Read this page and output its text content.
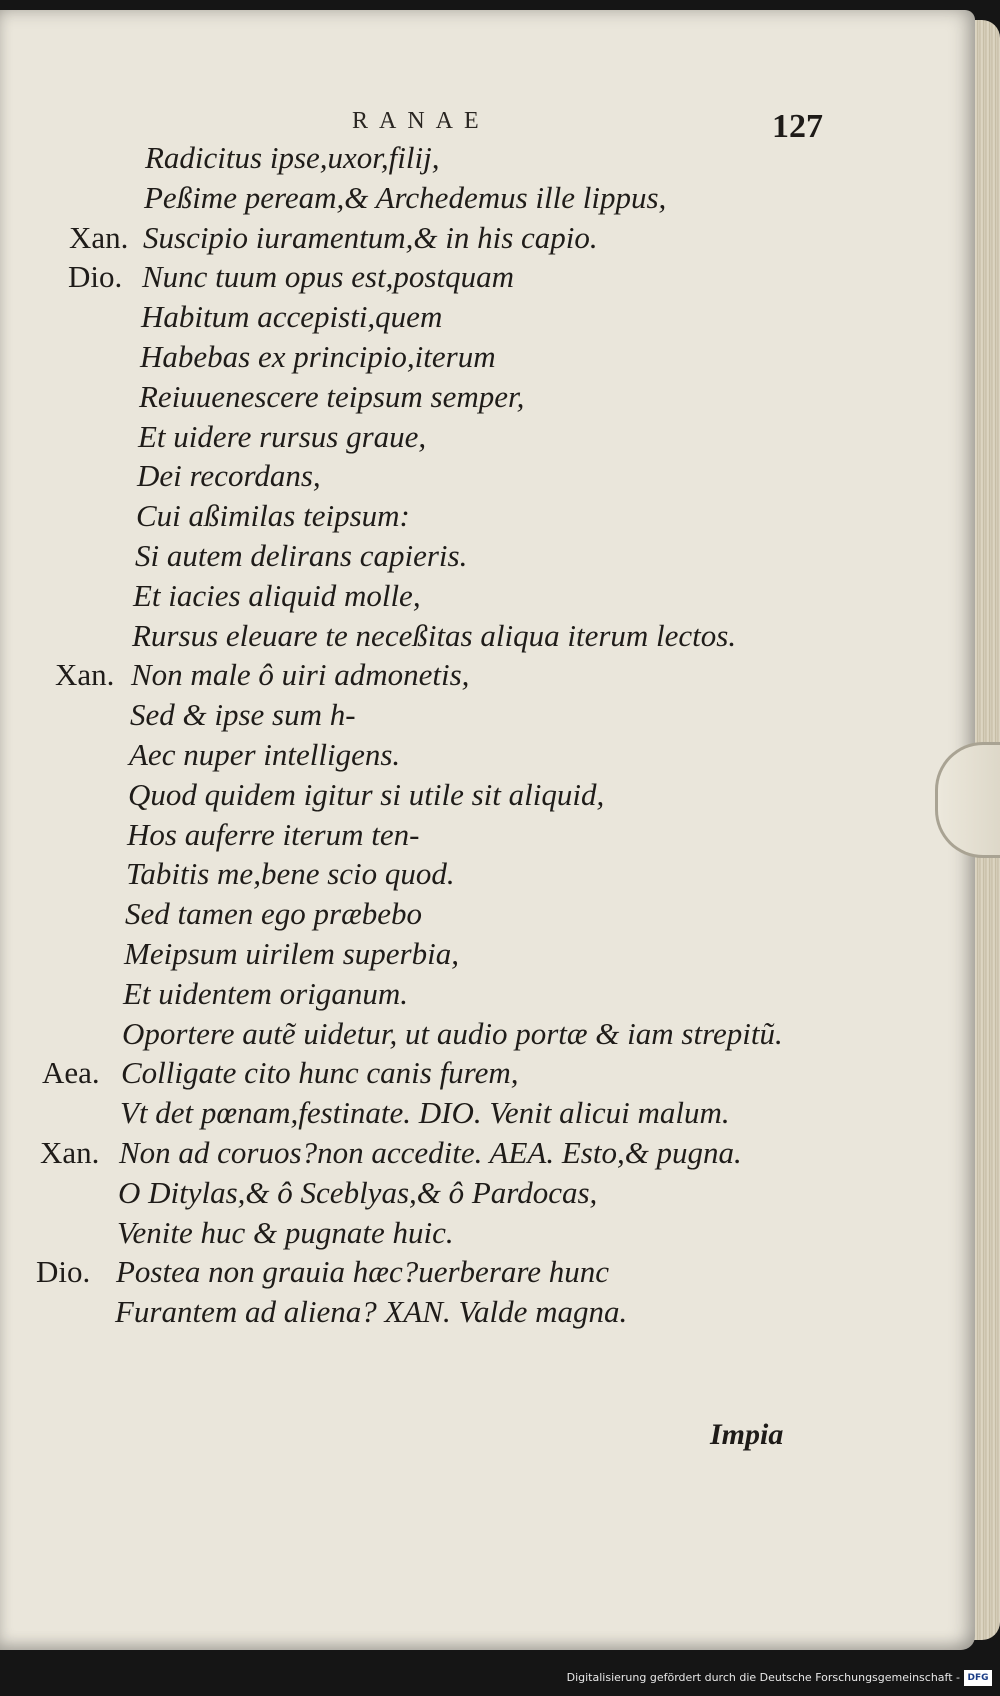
RANAE	127

Radicitus ipse,uxor,filij,

Peßime peream,& Archedemus ille lippus,

Xan. Suscipio iuramentum,& in his capio.

Dio. Nunc tuum opus est,postquam

Habitum accepisti,quem

Habebas ex principio,iterum

Reiuuenescere teipsum semper,

Et uidere rursus graue,

Dei recordans,

Cui aßimilas teipsum:

Si autem delirans capieris.

Et iacies aliquid molle,

Rursus eleuare te neceßitas aliqua iterum lectos.

Xan. Non male ô uiri admonetis,

Sed & ipse sum h-

Aec nuper intelligens.

Quod quidem igitur si utile sit aliquid,

Hos auferre iterum ten-

Tabitis me,bene scio quod.

Sed tamen ego præbebo

Meipsum uirilem superbia,

Et uidentem origanum.

Oportere autẽ uidetur, ut audio portæ & iam strepitũ.

Aea. Colligate cito hunc canis furem,

Vt det pœnam,festinate. DIO. Venit alicui malum.

Xan. Non ad coruos?non accedite. AEA. Esto,& pugna.

O Ditylas,& ô Sceblyas,& ô Pardocas,

Venite huc & pugnate huic.

Dio. Postea non grauia hæc?uerberare hunc

Furantem ad aliena? XAN. Valde magna.

Impia
Digitalisierung gefördert durch die Deutsche Forschungsgemeinschaft - DFG
